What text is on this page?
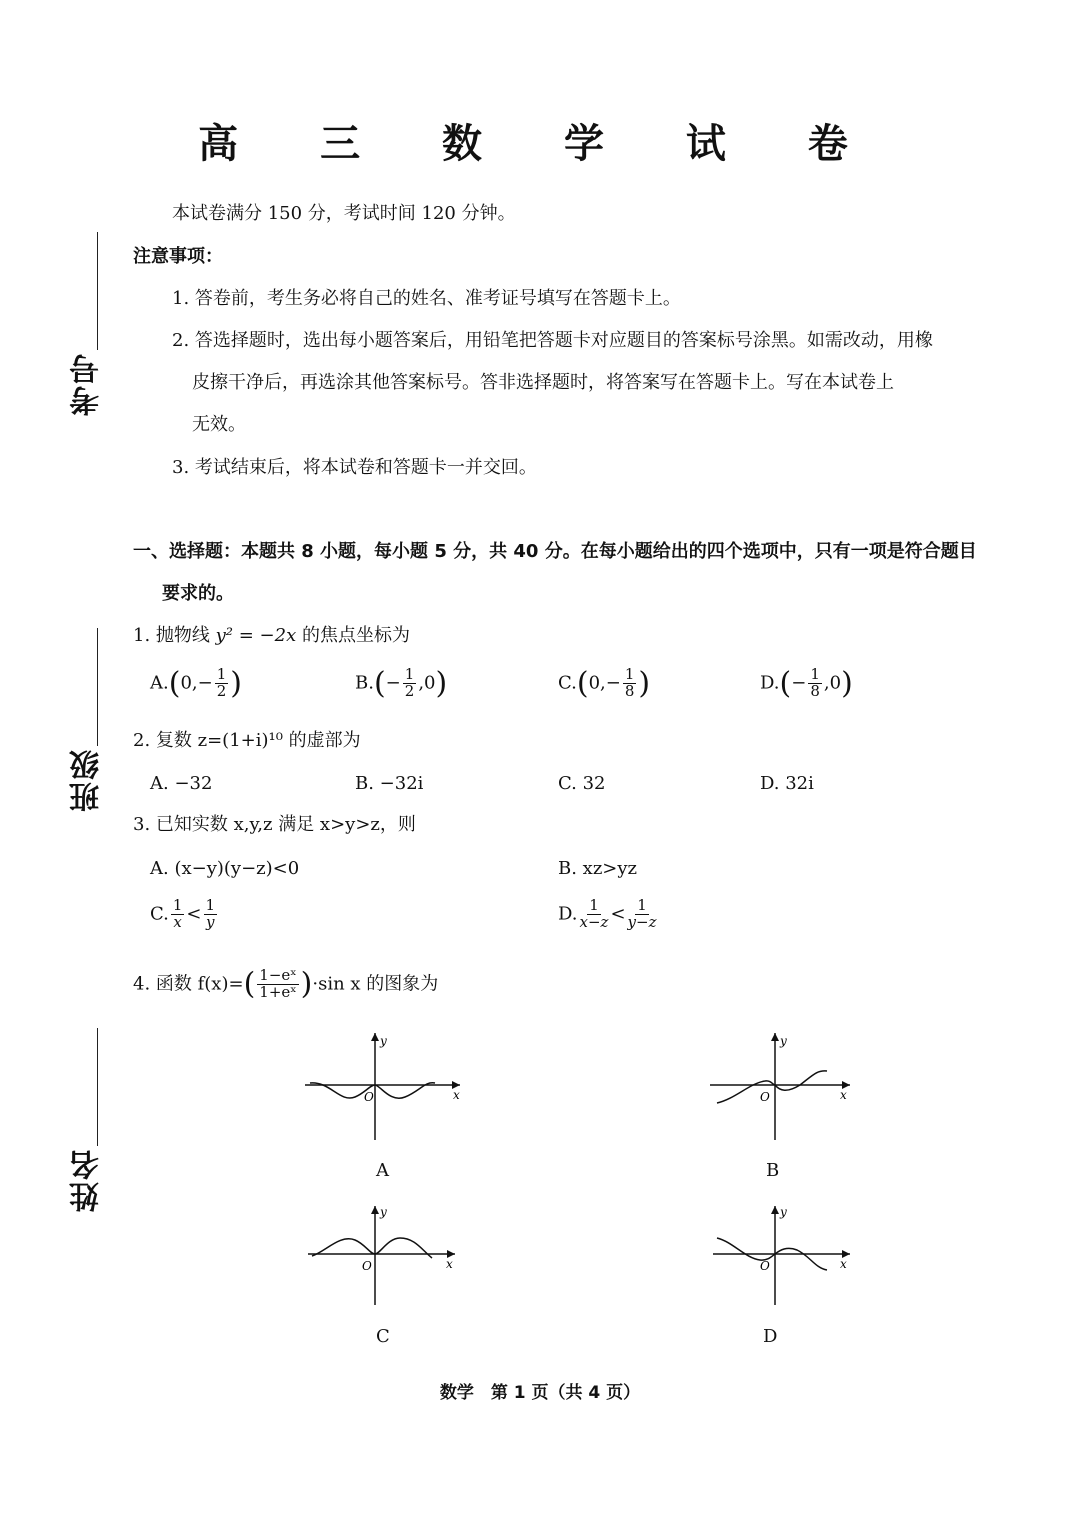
高 三 数 学 试 卷
本试卷满分 150 分，考试时间 120 分钟。
注意事项：
1. 答卷前，考生务必将自己的姓名、准考证号填写在答题卡上。
2. 答选择题时，选出每小题答案后，用铅笔把答题卡对应题目的答案标号涂黑。如需改动，用橡
皮擦干净后，再选涂其他答案标号。答非选择题时，将答案写在答题卡上。写在本试卷上
无效。
3. 考试结束后，将本试卷和答题卡一并交回。
考号
班级
姓名
一、选择题：本题共 8 小题，每小题 5 分，共 40 分。在每小题给出的四个选项中，只有一项是符合题目
要求的。
1. 抛物线 y² = −2x 的焦点坐标为
$A.(0,- \frac{1}{2}$ )	$B.(- \frac{1}{2} ,0)$	$C.(0,- \frac{1}{8}$ )	$D.(- \frac{1}{8} ,0)$
2. 复数 z=(1+i)¹⁰ 的虚部为
A. −32	B. −32i	C. 32	D. 32i
3. 已知实数 x,y,z 满足 x>y>z，则
A. (x−y)(y−z)<0	B. xz>yz
C. $\frac{1}{x} < \frac{1}{y}$	D. $\frac{1}{x-z} < \frac{1}{y-z}$
4. 函数 $f(x)=( \frac{\text{1−eˣ}}{\text{1+eˣ}} )\cdot\sin$ x 的图象为
y
x
O
A
y
x
O
B
y
x
O
C
y
x
O
D
数学　第 1 页（共 4 页）
